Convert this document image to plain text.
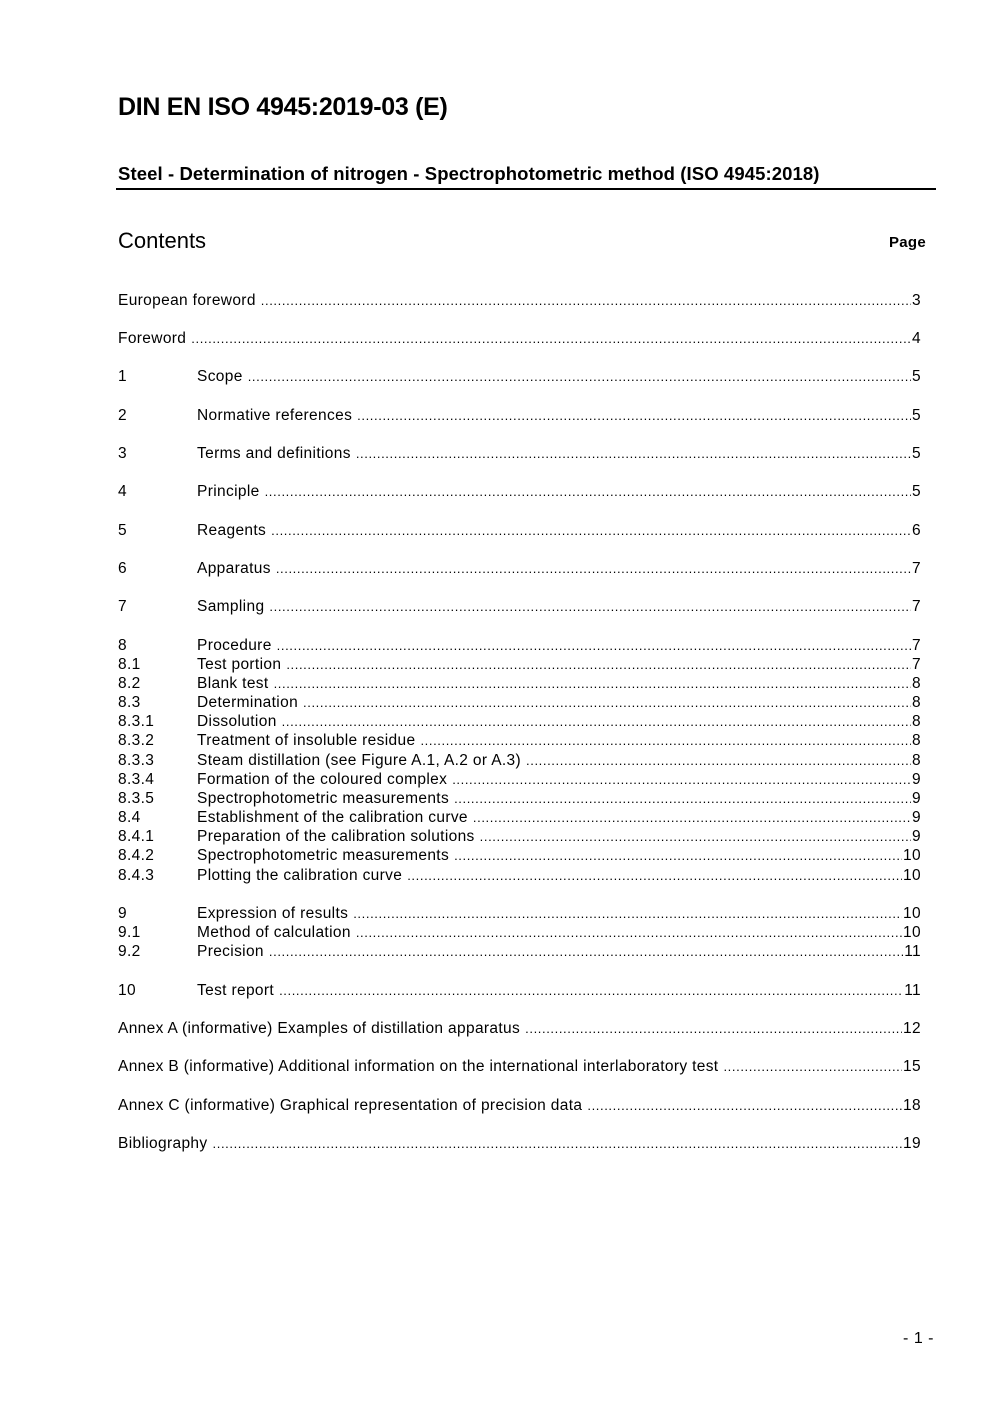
DIN EN ISO 4945:2019-03 (E)
Steel - Determination of nitrogen - Spectrophotometric method (ISO 4945:2018)
Contents	Page
European foreword .....	3
Foreword .....	4
1	Scope .....	5
2	Normative references .....	5
3	Terms and definitions .....	5
4	Principle .....	5
5	Reagents .....	6
6	Apparatus .....	7
7	Sampling .....	7
8	Procedure .....	7
8.1	Test portion .....	7
8.2	Blank test .....	8
8.3	Determination .....	8
8.3.1	Dissolution .....	8
8.3.2	Treatment of insoluble residue .....	8
8.3.3	Steam distillation (see Figure A.1, A.2 or A.3) .....	8
8.3.4	Formation of the coloured complex .....	9
8.3.5	Spectrophotometric measurements .....	9
8.4	Establishment of the calibration curve .....	9
8.4.1	Preparation of the calibration solutions .....	9
8.4.2	Spectrophotometric measurements .....	10
8.4.3	Plotting the calibration curve .....	10
9	Expression of results .....	10
9.1	Method of calculation .....	10
9.2	Precision .....	11
10	Test report .....	11
Annex A (informative) Examples of distillation apparatus .....	12
Annex B (informative) Additional information on the international interlaboratory test .....	15
Annex C (informative) Graphical representation of precision data .....	18
Bibliography .....	19
- 1 -
